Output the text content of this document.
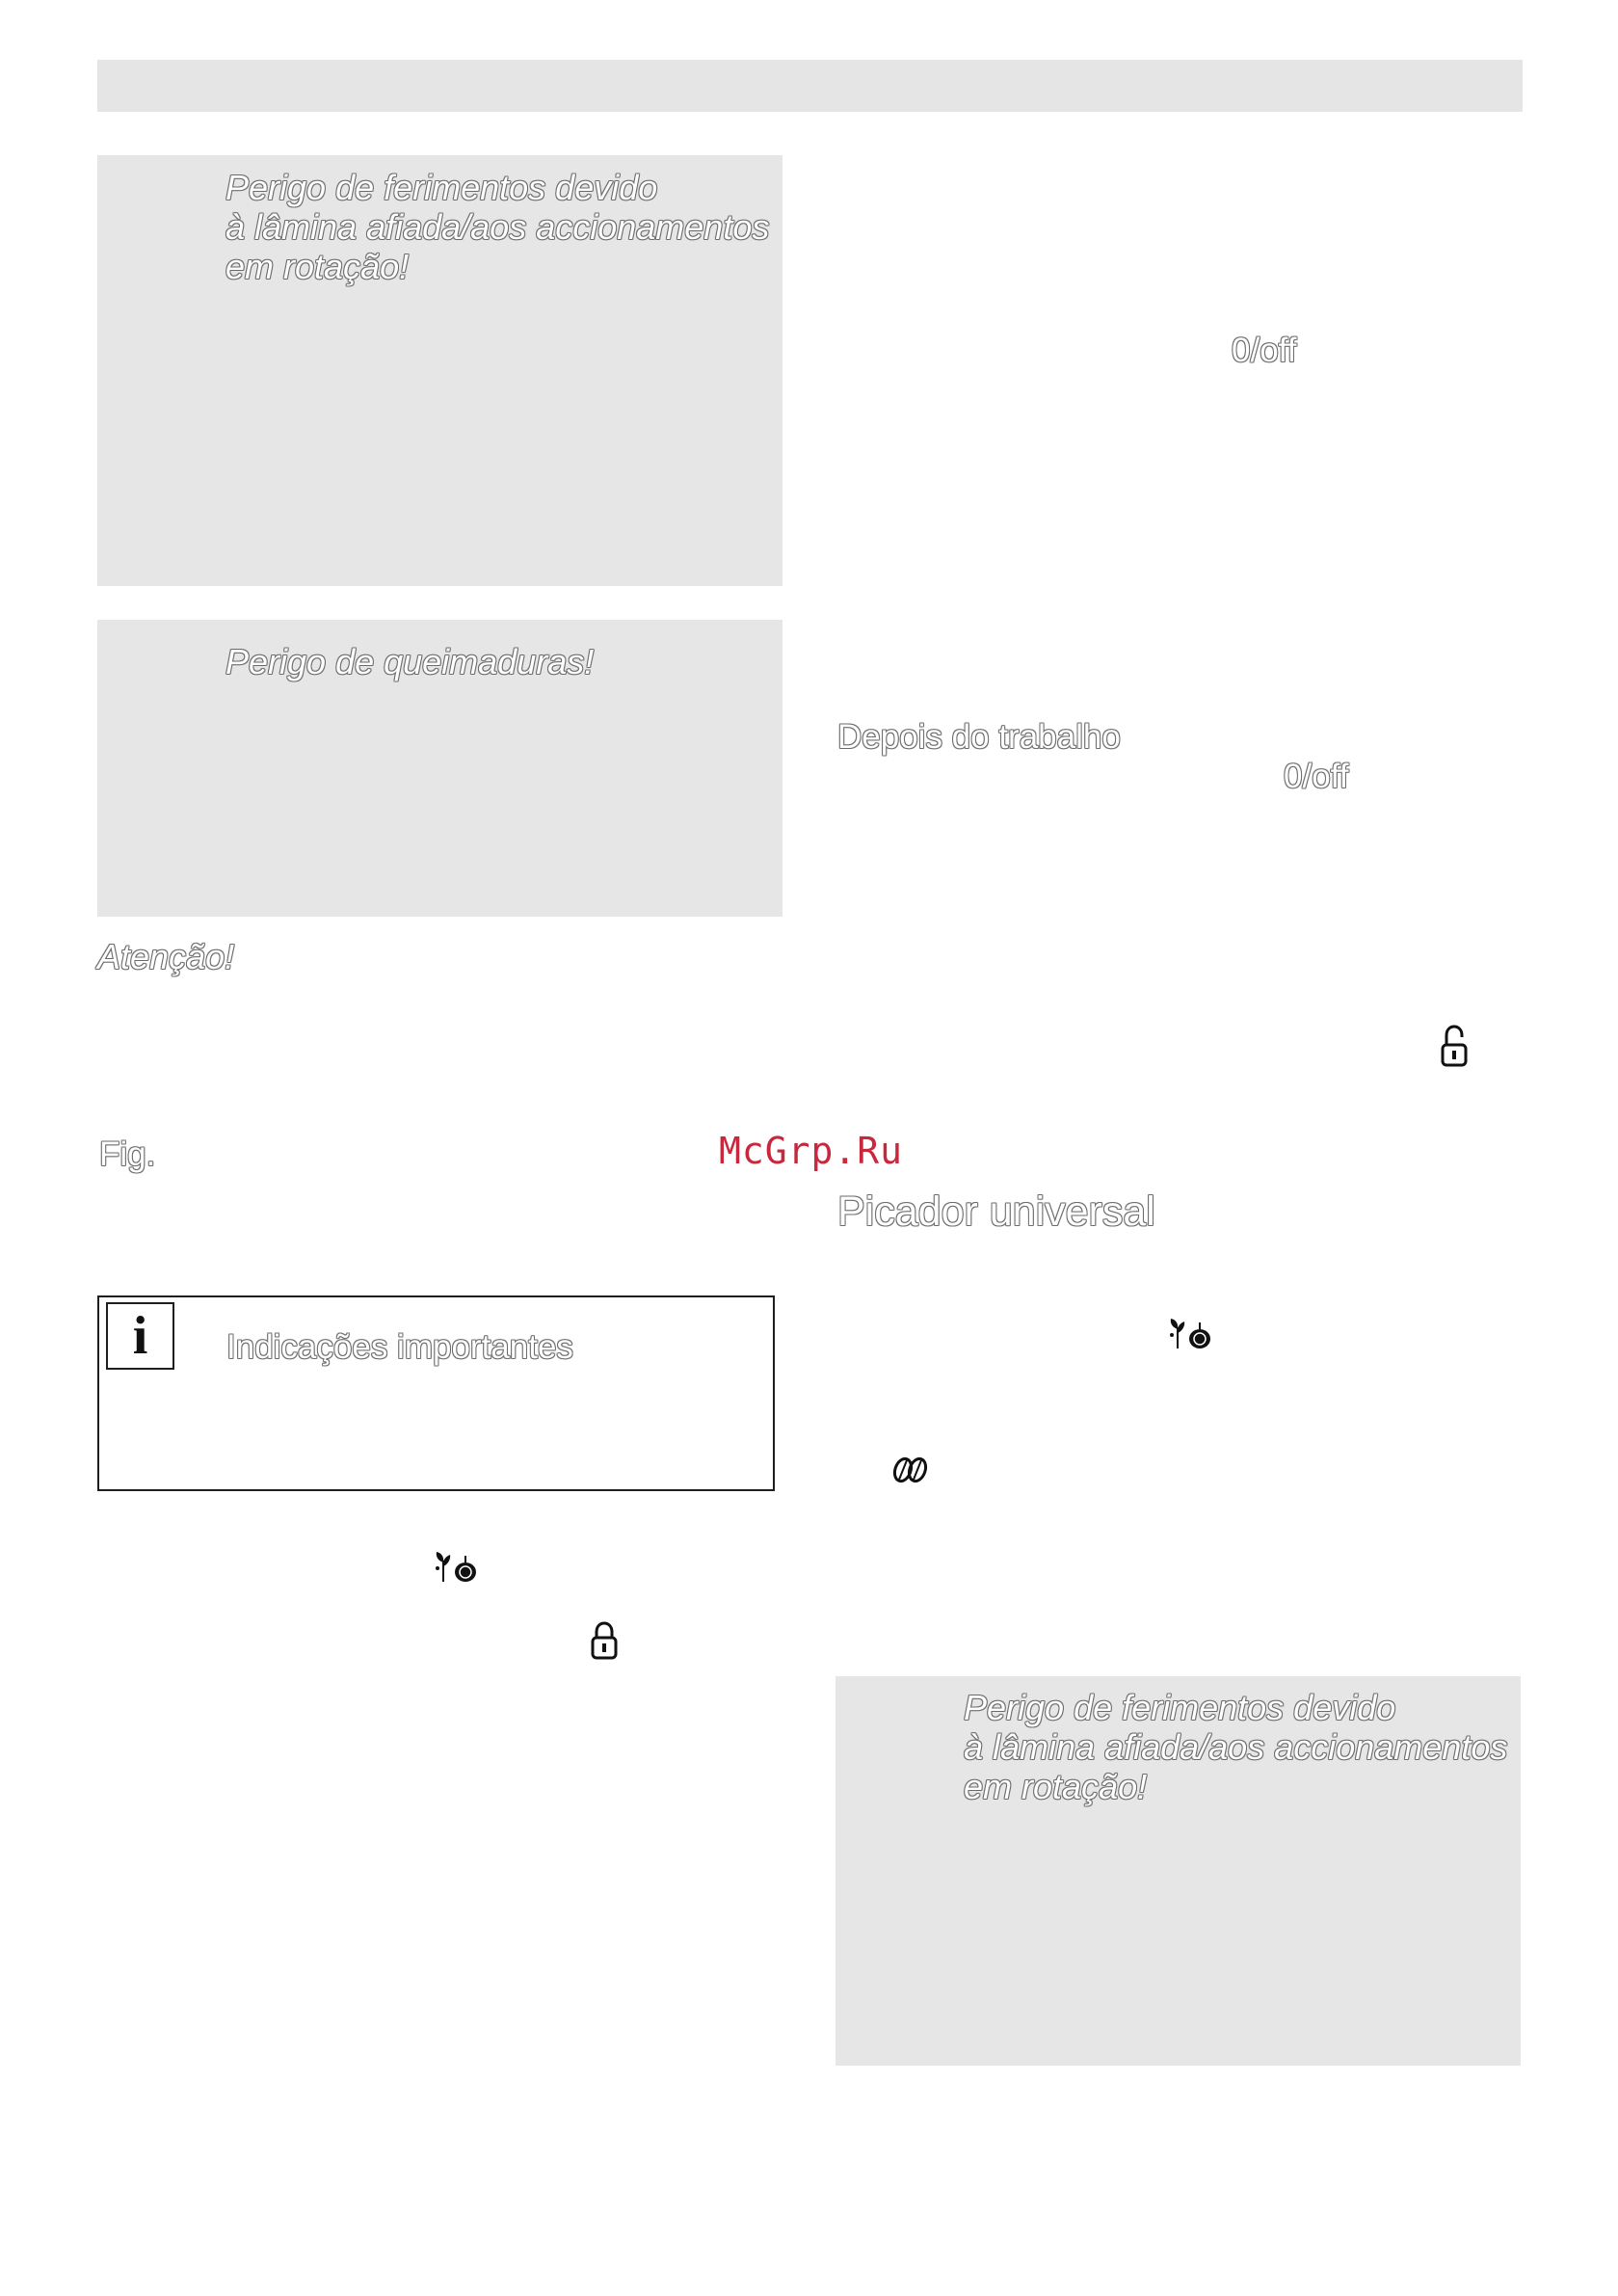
Perigo de ferimentos devido
à lâmina afiada/aos accionamentos
em rotação!
Perigo de queimaduras!
Atenção!
Fig.
i	Indicações importantes
0/off
Depois do trabalho
0/off
McGrp.Ru
Picador universal
Perigo de ferimentos devido
à lâmina afiada/aos accionamentos
em rotação!
